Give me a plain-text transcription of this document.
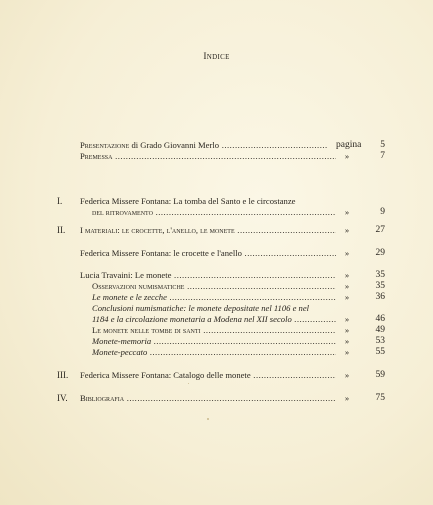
Indice
pagina
Presentazione di Grado Giovanni Merlo .....	5
Premessa .....	»	7
I. Federica Missere Fontana: La tomba del Santo e le circostanze
del ritrovamento .....	»	9
II. I materiali: le crocette, l'anello, le monete .....	»	27
Federica Missere Fontana: le crocette e l'anello .....	»	29
Lucia Travaini: Le monete .....	»	35
Osservazioni numismatiche .....	»	35
Le monete e le zecche .....	»	36
Conclusioni numismatiche: le monete depositate nel 1106 e nel
1184 e la circolazione monetaria a Modena nel XII secolo .....	»	46
Le monete nelle tombe di santi .....	»	49
Monete-memoria .....	»	53
Monete-peccato .....	»	55
III. Federica Missere Fontana: Catalogo delle monete .....	»	59
IV. Bibliografia .....	»	75
